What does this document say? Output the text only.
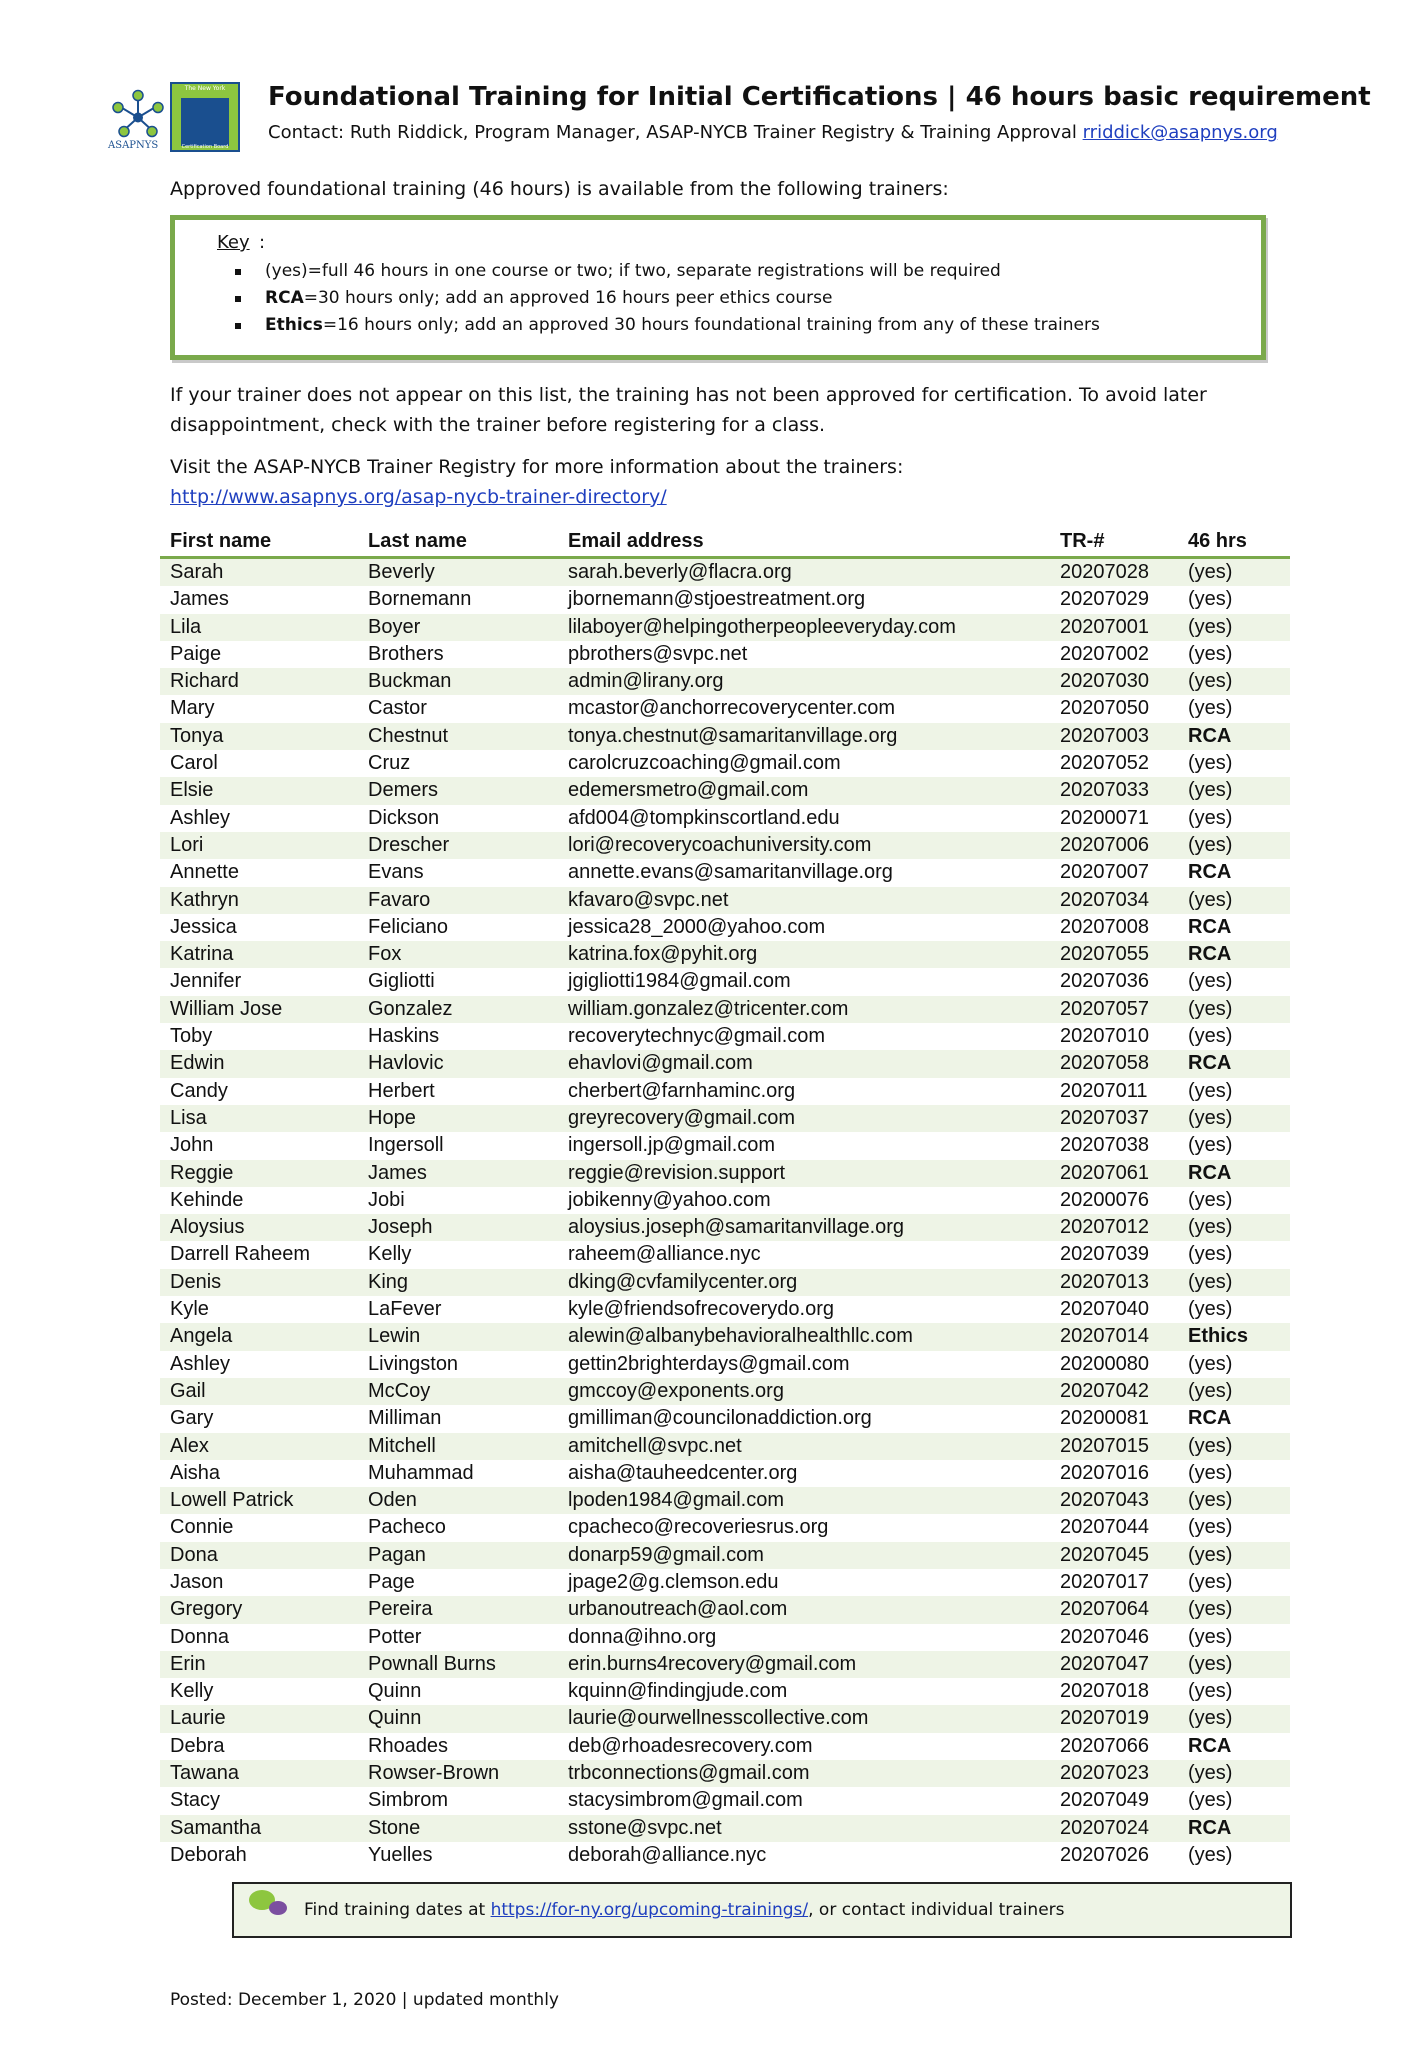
ASAPNYS
The New York
Certification Board
Foundational Training for Initial Certifications | 46 hours basic requirement
Contact: Ruth Riddick, Program Manager, ASAP-NYCB Trainer Registry & Training Approval rriddick@asapnys.org
Approved foundational training (46 hours) is available from the following trainers:
Key :
(yes)=full 46 hours in one course or two; if two, separate registrations will be required
RCA=30 hours only; add an approved 16 hours peer ethics course
Ethics=16 hours only; add an approved 30 hours foundational training from any of these trainers
If your trainer does not appear on this list, the training has not been approved for certification. To avoid later disappointment, check with the trainer before registering for a class.
Visit the ASAP-NYCB Trainer Registry for more information about the trainers:
http://www.asapnys.org/asap-nycb-trainer-directory/
First name	Last name	Email address	TR-#	46 hrs
Sarah	Beverly	sarah.beverly@flacra.org	20207028 (yes)
James	Bornemann	jbornemann@stjoestreatment.org	20207029 (yes)
Lila	Boyer	lilaboyer@helpingotherpeopleeveryday.com	20207001 (yes)
Paige	Brothers	pbrothers@svpc.net	20207002 (yes)
Richard	Buckman	admin@lirany.org	20207030 (yes)
Mary	Castor	mcastor@anchorrecoverycenter.com	20207050 (yes)
Tonya	Chestnut	tonya.chestnut@samaritanvillage.org	20207003 RCA
Carol	Cruz	carolcruzcoaching@gmail.com	20207052 (yes)
Elsie	Demers	edemersmetro@gmail.com	20207033 (yes)
Ashley	Dickson	afd004@tompkinscortland.edu	20200071 (yes)
Lori	Drescher	lori@recoverycoachuniversity.com	20207006 (yes)
Annette	Evans	annette.evans@samaritanvillage.org	20207007 RCA
Kathryn	Favaro	kfavaro@svpc.net	20207034 (yes)
Jessica	Feliciano	jessica28_2000@yahoo.com	20207008 RCA
Katrina	Fox	katrina.fox@pyhit.org	20207055 RCA
Jennifer	Gigliotti	jgigliotti1984@gmail.com	20207036 (yes)
William Jose	Gonzalez	william.gonzalez@tricenter.com	20207057 (yes)
Toby	Haskins	recoverytechnyc@gmail.com	20207010 (yes)
Edwin	Havlovic	ehavlovi@gmail.com	20207058 RCA
Candy	Herbert	cherbert@farnhaminc.org	20207011 (yes)
Lisa	Hope	greyrecovery@gmail.com	20207037 (yes)
John	Ingersoll	ingersoll.jp@gmail.com	20207038 (yes)
Reggie	James	reggie@revision.support	20207061 RCA
Kehinde	Jobi	jobikenny@yahoo.com	20200076 (yes)
Aloysius	Joseph	aloysius.joseph@samaritanvillage.org	20207012 (yes)
Darrell Raheem	Kelly	raheem@alliance.nyc	20207039 (yes)
Denis	King	dking@cvfamilycenter.org	20207013 (yes)
Kyle	LaFever	kyle@friendsofrecoverydo.org	20207040 (yes)
Angela	Lewin	alewin@albanybehavioralhealthllc.com	20207014 Ethics
Ashley	Livingston	gettin2brighterdays@gmail.com	20200080 (yes)
Gail	McCoy	gmccoy@exponents.org	20207042 (yes)
Gary	Milliman	gmilliman@councilonaddiction.org	20200081 RCA
Alex	Mitchell	amitchell@svpc.net	20207015 (yes)
Aisha	Muhammad	aisha@tauheedcenter.org	20207016 (yes)
Lowell Patrick	Oden	lpoden1984@gmail.com	20207043 (yes)
Connie	Pacheco	cpacheco@recoveriesrus.org	20207044 (yes)
Dona	Pagan	donarp59@gmail.com	20207045 (yes)
Jason	Page	jpage2@g.clemson.edu	20207017 (yes)
Gregory	Pereira	urbanoutreach@aol.com	20207064 (yes)
Donna	Potter	donna@ihno.org	20207046 (yes)
Erin	Pownall Burns	erin.burns4recovery@gmail.com	20207047 (yes)
Kelly	Quinn	kquinn@findingjude.com	20207018 (yes)
Laurie	Quinn	laurie@ourwellnesscollective.com	20207019 (yes)
Debra	Rhoades	deb@rhoadesrecovery.com	20207066 RCA
Tawana	Rowser-Brown	trbconnections@gmail.com	20207023 (yes)
Stacy	Simbrom	stacysimbrom@gmail.com	20207049 (yes)
Samantha	Stone	sstone@svpc.net	20207024 RCA
Deborah	Yuelles	deborah@alliance.nyc	20207026 (yes)
Find training dates at https://for-ny.org/upcoming-trainings/, or contact individual trainers
Posted: December 1, 2020 | updated monthly
